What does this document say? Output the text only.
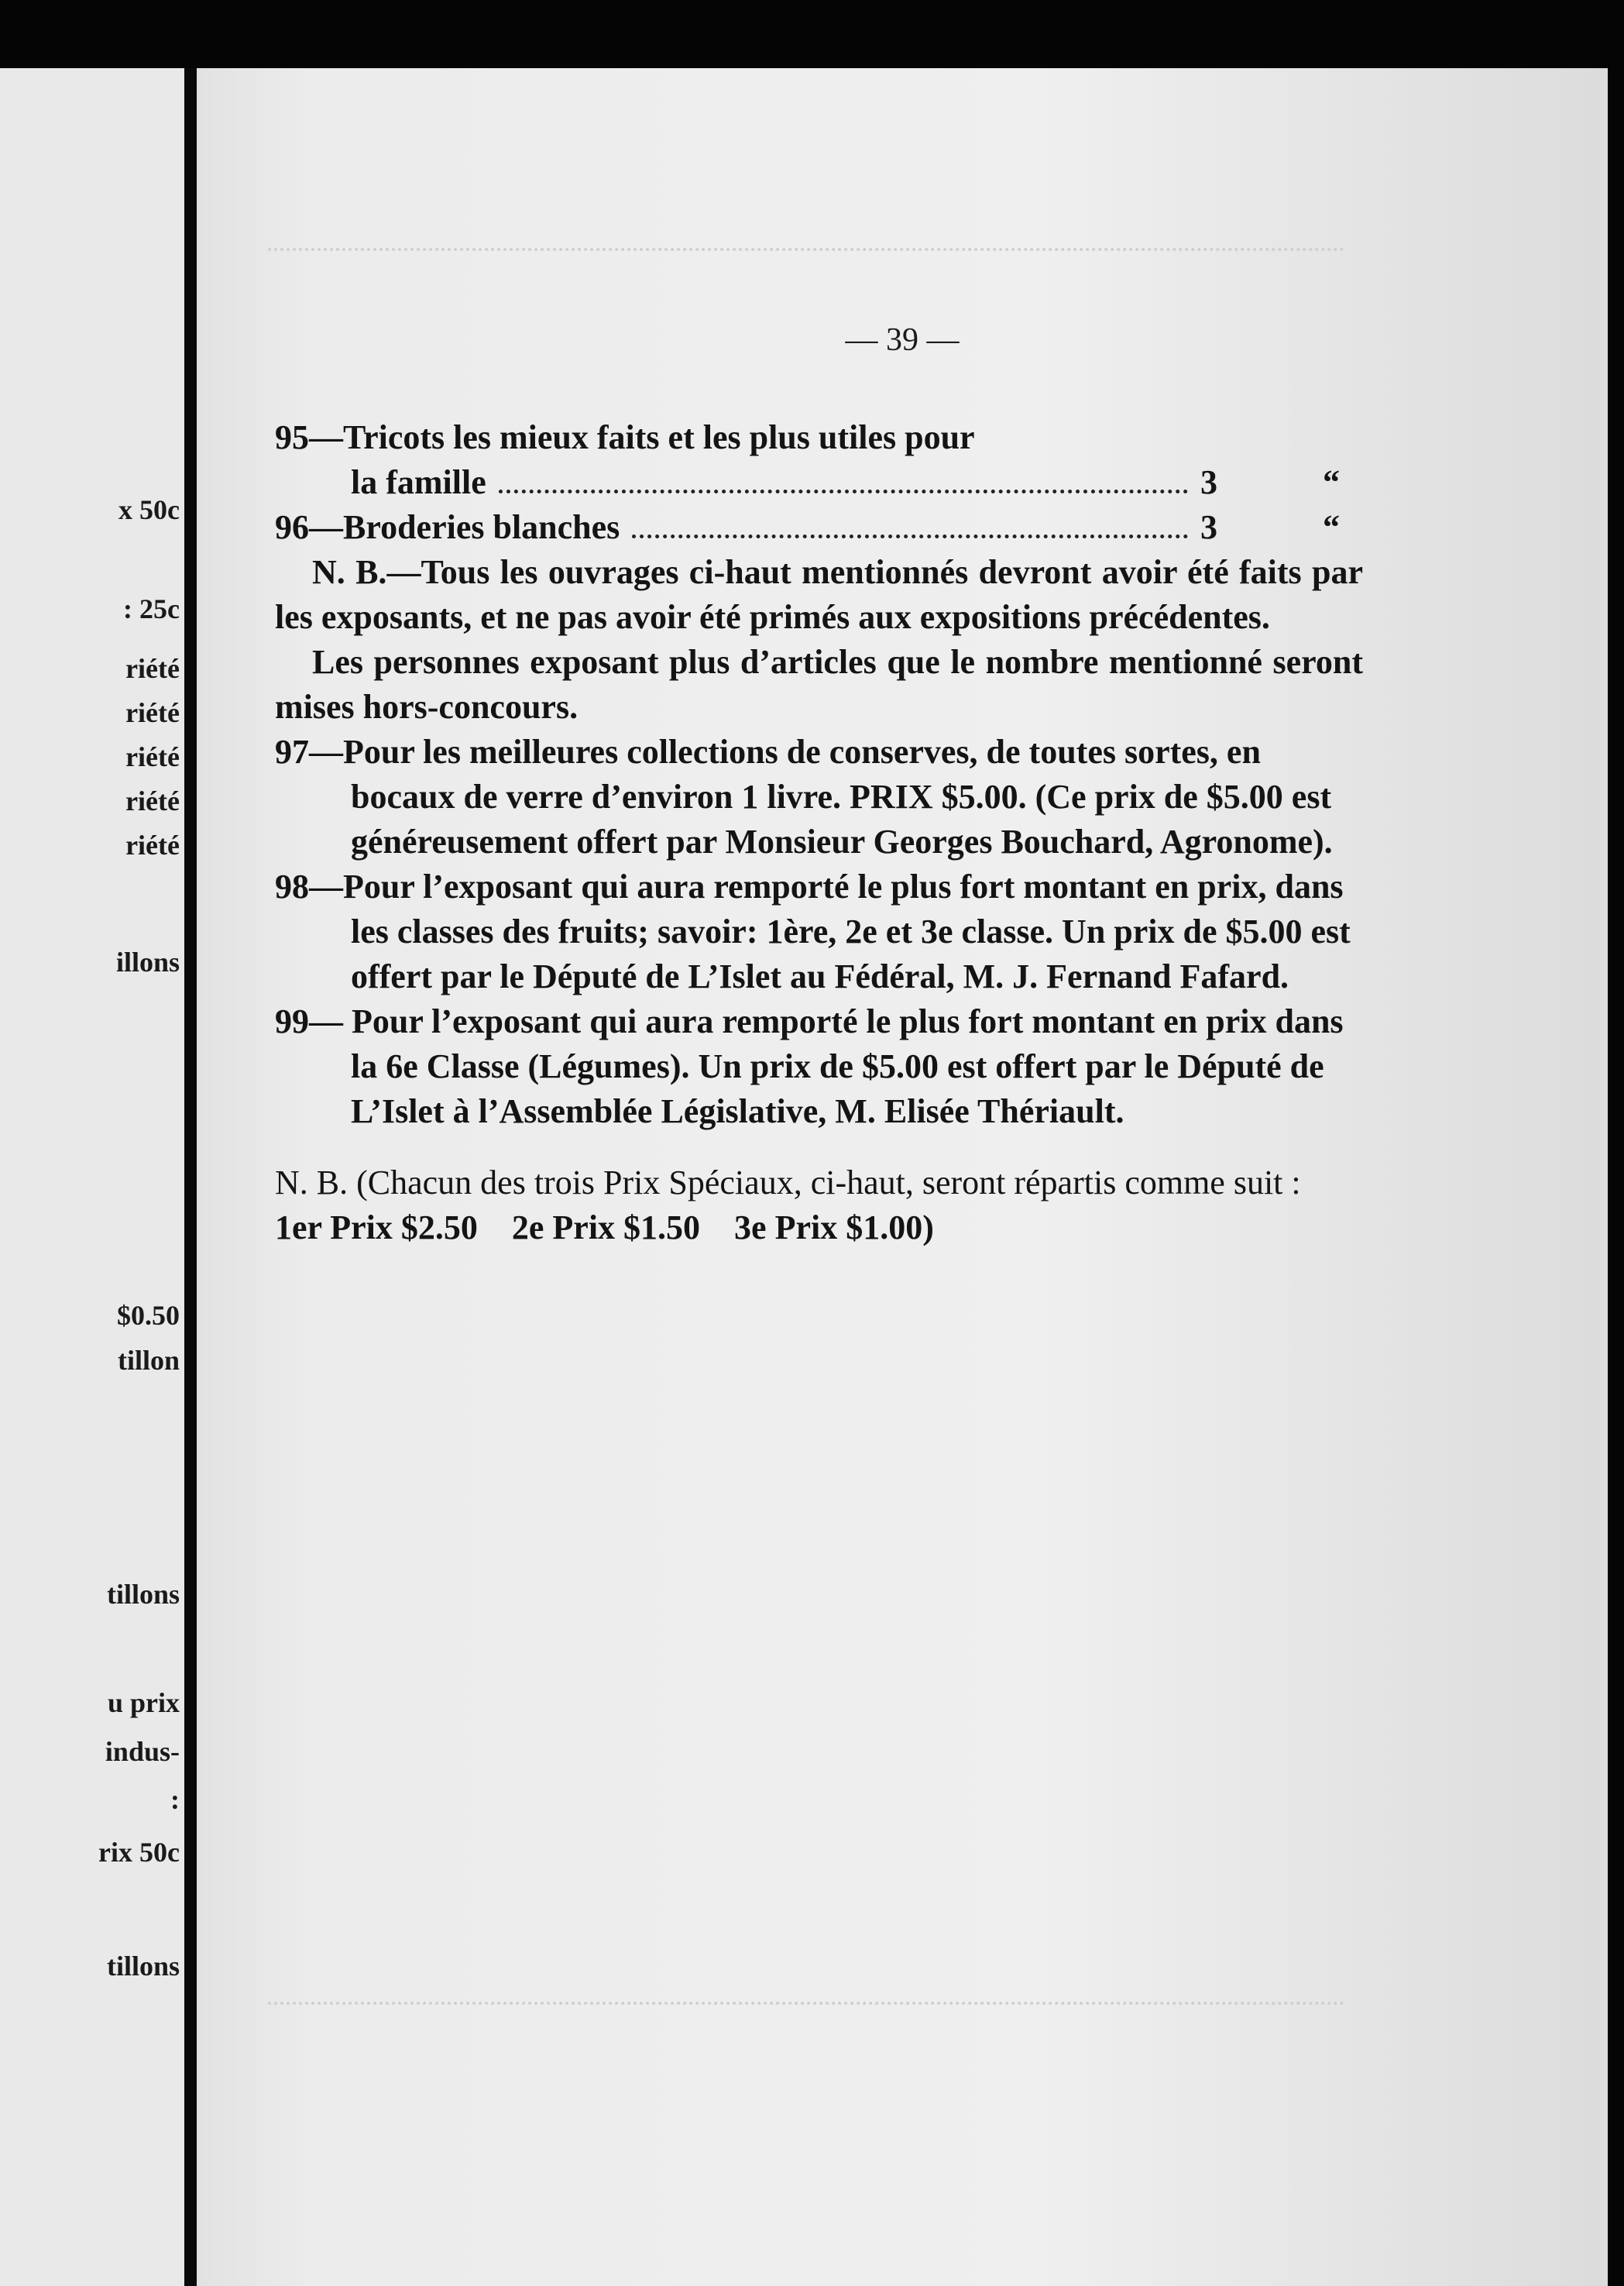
x 50c

: 25c

riété

riété

riété

riété

riété

illons

$0.50

tillon

tillons

u prix

indus-

:

rix 50c

tillons

— 39 —

95—Tricots les mieux faits et les plus utiles pour

la famille	3	“

96—Broderies blanches	3	“

N. B.—Tous les ouvrages ci-haut mentionnés devront avoir été faits par les exposants, et ne pas avoir été primés aux expositions précédentes.

Les personnes exposant plus d’articles que le nombre mentionné seront mises hors-concours.

97—Pour les meilleures collections de conserves, de toutes sortes, en bocaux de verre d’environ 1 livre. PRIX $5.00. (Ce prix de $5.00 est généreusement offert par Monsieur Georges Bouchard, Agronome).

98—Pour l’exposant qui aura remporté le plus fort montant en prix, dans les classes des fruits; savoir: 1ère, 2e et 3e classe. Un prix de $5.00 est offert par le Député de L’Islet au Fédéral, M. J. Fernand Fafard.

99— Pour l’exposant qui aura remporté le plus fort montant en prix dans la 6e Classe (Légumes). Un prix de $5.00 est offert par le Député de L’Islet à l’Assemblée Législative, M. Elisée Thériault.

N. B. (Chacun des trois Prix Spéciaux, ci-haut, seront répartis comme suit : 1er Prix $2.50    2e Prix $1.50    3e Prix $1.00)
